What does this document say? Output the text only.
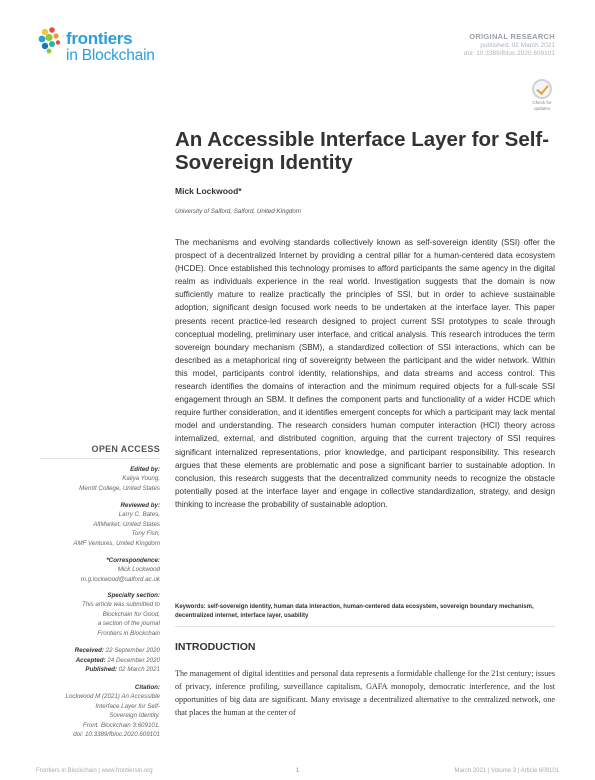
frontiers
in Blockchain
ORIGINAL RESEARCH
published: 02 March 2021
doi: 10.3389/fbloc.2020.609101
Check for
updates
An Accessible Interface Layer for Self-Sovereign Identity
Mick Lockwood*
University of Salford, Salford, United Kingdom

The mechanisms and evolving standards collectively known as self-sovereign identity (SSI) offer the prospect of a decentralized Internet by providing a central pillar for a human-centered data ecosystem (HCDE). Once established this technology promises to afford participants the same agency in the digital realm as individuals experience in the real world. Investigation suggests that the domain is now sufficiently mature to realize practically the principles of SSI, but in order to achieve sustainable adoption, significant design focused work needs to be undertaken at the interface layer. This paper presents recent practice-led research designed to project current SSI prototypes to scale through conceptual modeling, preliminary user interface, and critical analysis. This research introduces the term sovereign boundary mechanism (SBM), a standardized collection of SSI interactions, which can be described as a metaphorical ring of sovereignty between the participant and the wider network. Within this model, participants control identity, relationships, and data streams and access control. This research identifies the domains of interaction and the minimum required objects for a full-scale SSI engagement through an SBM. It defines the component parts and functionality of a wider HCDE which require further consideration, and it identifies emergent concepts for which a participant may lack mental model and understanding. The research considers human computer interaction (HCI) theory across internalized, external, and distributed cognition, arguing that the current trajectory of SSI requires significant internalized representations, prior knowledge, and participant responsibility. This research argues that these elements are problematic and pose a significant barrier to sustainable adoption. In conclusion, this research suggests that the decentralized community needs to recognize the obstacle potentially posed at the interface layer and engage in collective standardization, strategy, and design thinking to increase the probability of sustainable adoption.

Keywords: self-sovereign identity, human data interaction, human-centered data ecosystem, sovereign boundary mechanism, decentralized internet, interface layer, usability
INTRODUCTION

The management of digital identities and personal data represents a formidable challenge for the 21st century; issues of privacy, inference profiling, surveillance capitalism, GAFA monopoly, democratic interference, and the lost opportunities of big data are significant. Many envisage a decentralized alternative to the centralized network, one that places the human at the center of

OPEN ACCESS
Edited by:
Kaliya Young,
Merritt College, United States
Reviewed by:
Larry C. Bates,
AltMarket, United States
Tony Fish,
AMF Ventures, United Kingdom
*Correspondence:
Mick Lockwood
m.g.lockwood@salford.ac.uk
Specialty section:
This article was submitted to
Blockchain for Good,
a section of the journal
Frontiers in Blockchain
Received: 22 September 2020
Accepted: 24 December 2020
Published: 02 March 2021
Citation:
Lockwood M (2021) An Accessible
Interface Layer for Self-
Sovereign Identity.
Front. Blockchain 3:609101.
doi: 10.3389/fbloc.2020.609101
Frontiers in Blockchain | www.frontiersin.org	1	March 2021 | Volume 3 | Article 609101
